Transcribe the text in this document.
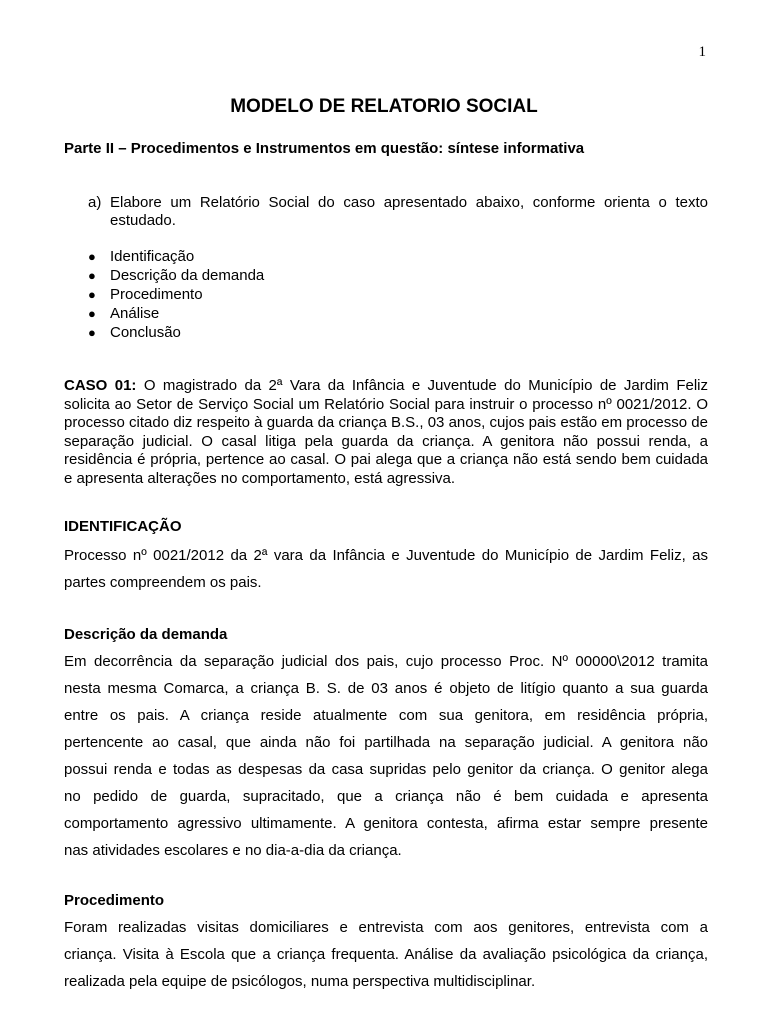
1
MODELO DE RELATORIO SOCIAL
Parte II – Procedimentos e Instrumentos em questão: síntese informativa
a) Elabore um Relatório Social do caso apresentado abaixo, conforme orienta o texto estudado.
● Identificação
● Descrição da demanda
● Procedimento
● Análise
● Conclusão
CASO 01: O magistrado da 2ª Vara da Infância e Juventude do Município de Jardim Feliz solicita ao Setor de Serviço Social um Relatório Social para instruir o processo nº 0021/2012. O processo citado diz respeito à guarda da criança B.S., 03 anos, cujos pais estão em processo de separação judicial. O casal litiga pela guarda da criança. A genitora não possui renda, a residência é própria, pertence ao casal. O pai alega que a criança não está sendo bem cuidada e apresenta alterações no comportamento, está agressiva.
IDENTIFICAÇÃO
Processo nº 0021/2012 da 2ª vara da Infância e Juventude do Município de Jardim Feliz, as
partes compreendem os pais.
Descrição da demanda
Em decorrência da separação judicial dos pais, cujo processo Proc. Nº 00000\2012 tramita
nesta mesma Comarca, a criança B. S. de 03 anos é objeto de litígio quanto a sua guarda
entre os pais. A criança reside atualmente com sua genitora, em residência própria,
pertencente ao casal, que ainda não foi partilhada na separação judicial. A genitora não
possui renda e todas as despesas da casa supridas pelo genitor da criança. O genitor alega
no pedido de guarda, supracitado, que a criança não é bem cuidada e apresenta
comportamento agressivo ultimamente. A genitora contesta, afirma estar sempre presente
nas atividades escolares e no dia-a-dia da criança.
Procedimento
Foram realizadas visitas domiciliares e entrevista com aos genitores, entrevista com a
criança. Visita à Escola que a criança frequenta. Análise da avaliação psicológica da criança,
realizada pela equipe de psicólogos, numa perspectiva multidisciplinar.
